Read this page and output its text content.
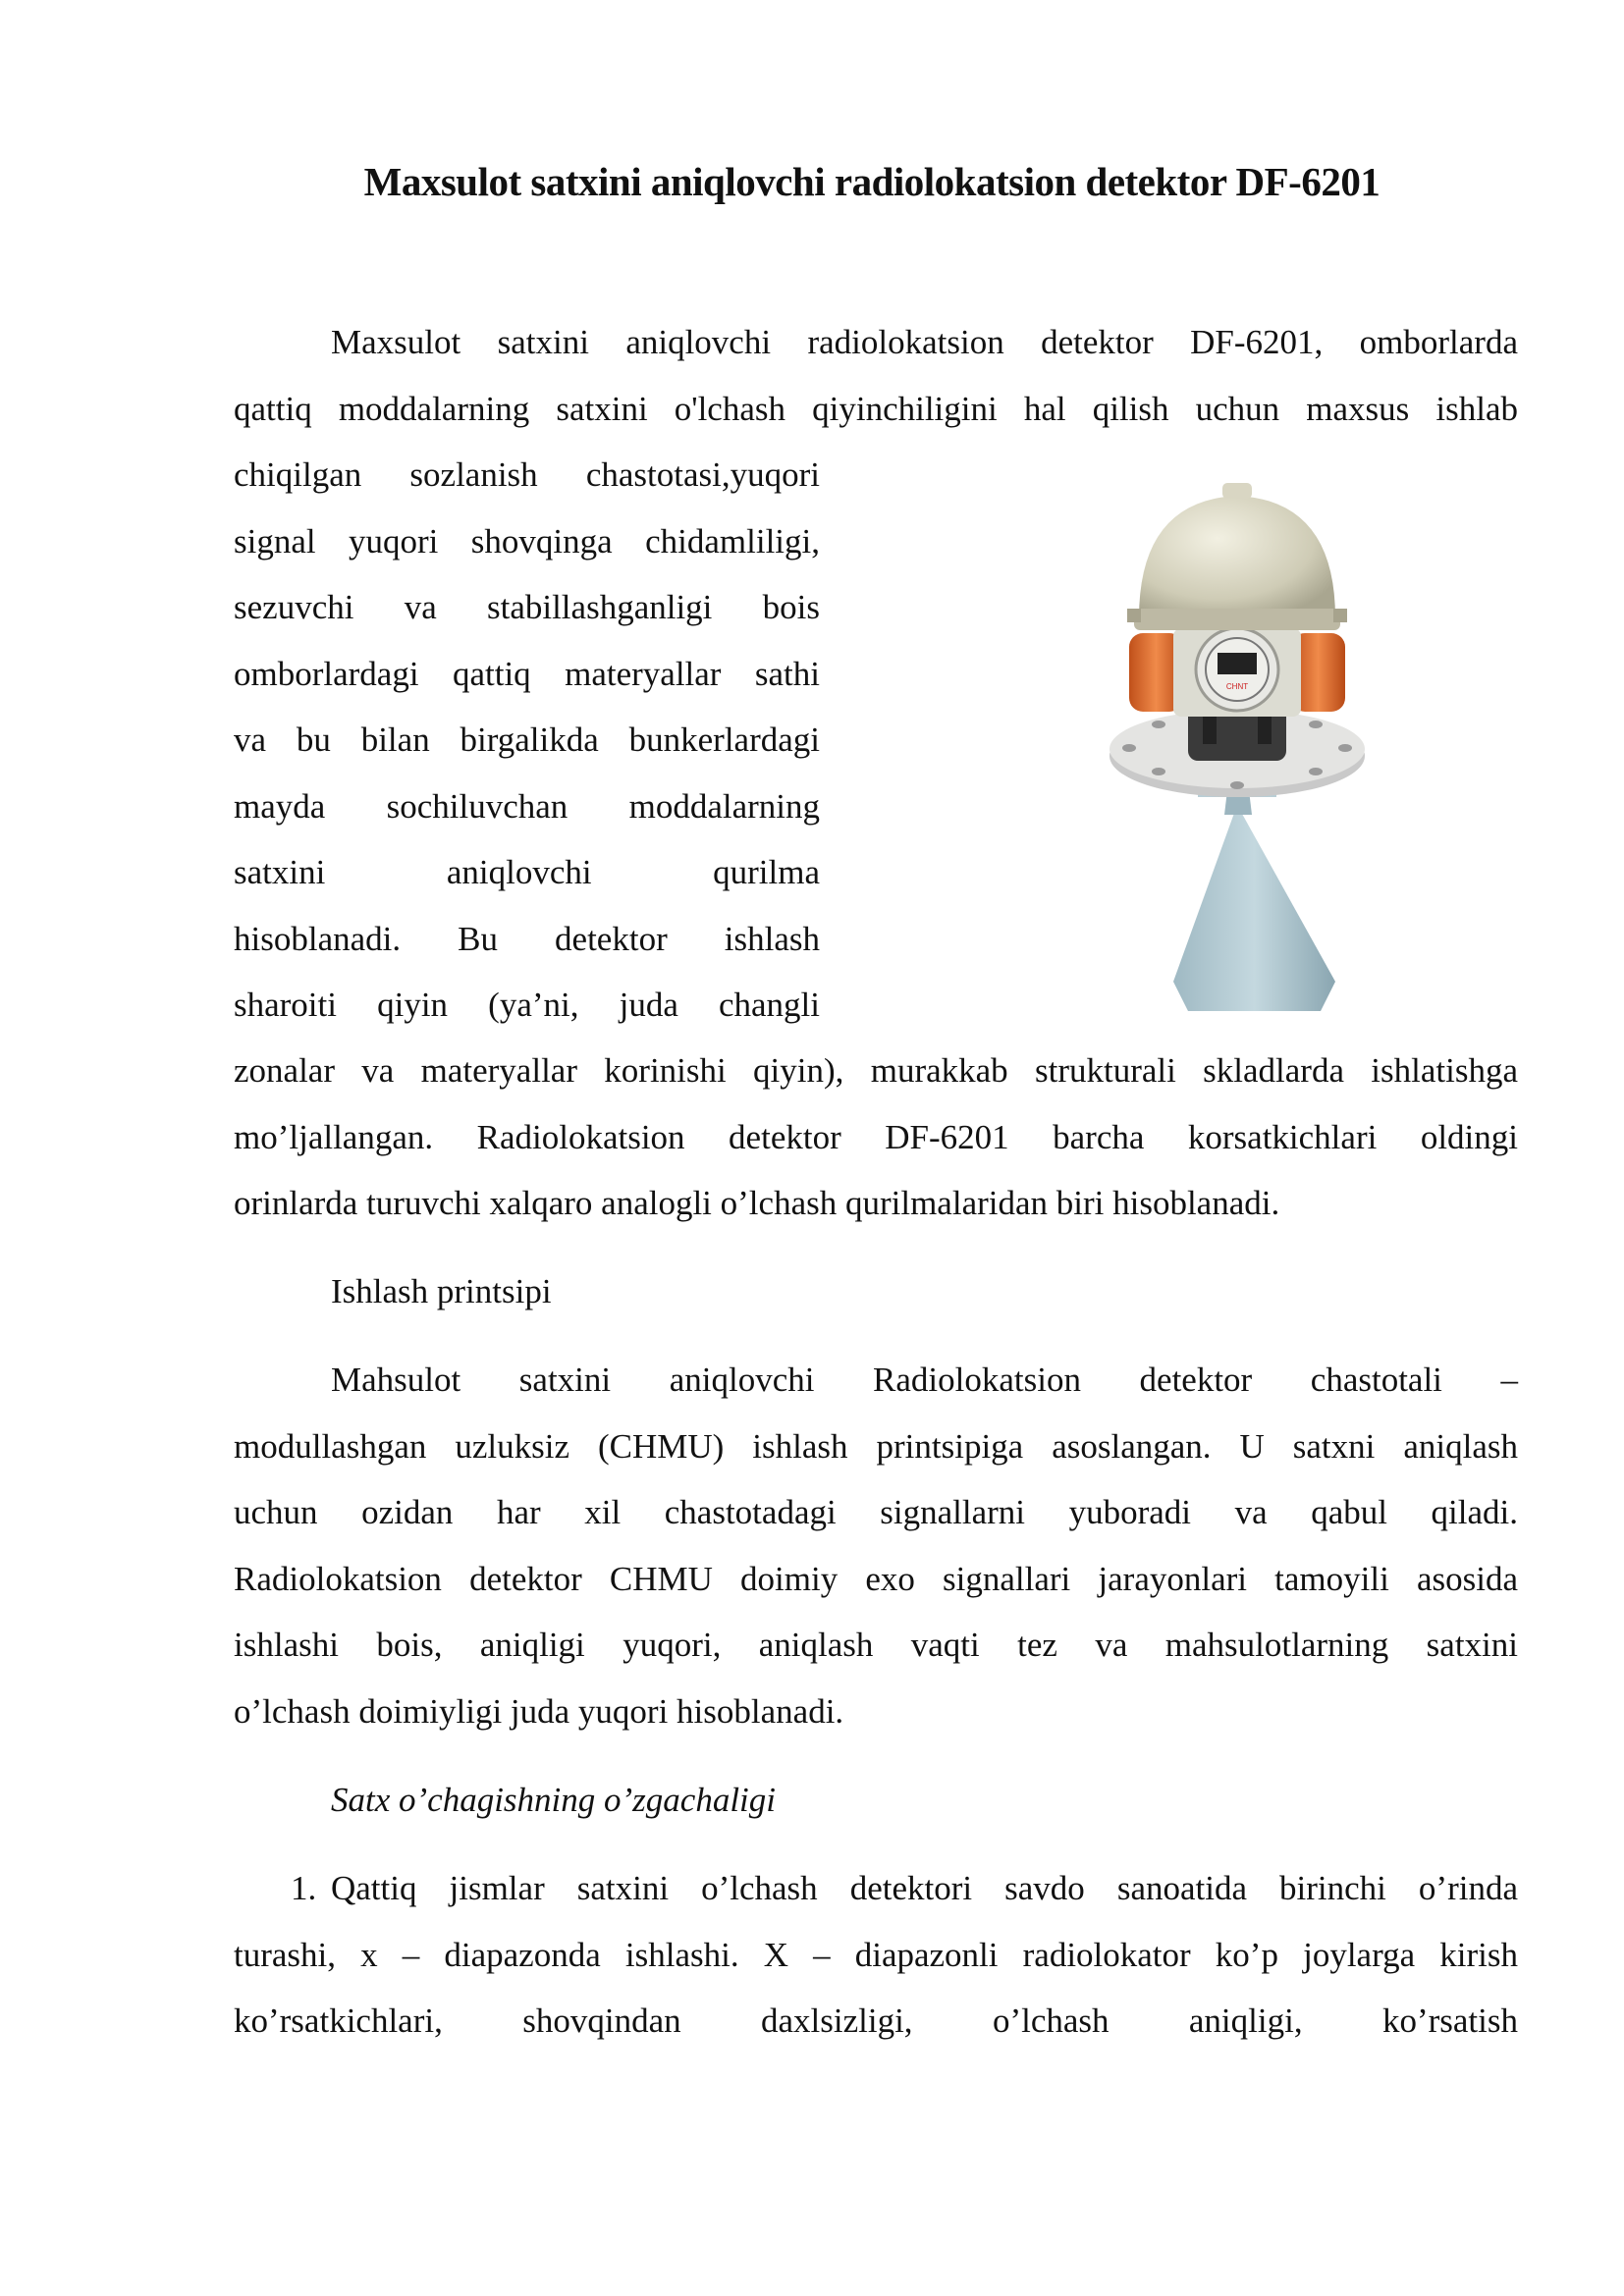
Maxsulot satxini aniqlovchi radiolokatsion detektor DF-6201
Maxsulot satxini aniqlovchi radiolokatsion detektor DF-6201, omborlarda
qattiq moddalarning satxini o'lchash qiyinchiligini hal qilish uchun maxsus ishlab
chiqilgan sozlanish chastotasi,yuqori
signal yuqori shovqinga chidamliligi,
sezuvchi va stabillashganligi bois
omborlardagi qattiq materyallar sathi
va bu bilan birgalikda bunkerlardagi
mayda sochiluvchan moddalarning
satxini aniqlovchi qurilma
hisoblanadi. Bu detektor ishlash
sharoiti qiyin (ya’ni, juda changli
zonalar va materyallar korinishi qiyin), murakkab strukturali skladlarda ishlatishga
mo’ljallangan. Radiolokatsion detektor DF-6201 barcha korsatkichlari oldingi
orinlarda turuvchi xalqaro analogli o’lchash qurilmalaridan biri hisoblanadi.
CHNT
Ishlash printsipi
Mahsulot satxini aniqlovchi Radiolokatsion detektor chastotali –
modullashgan uzluksiz (CHMU) ishlash printsipiga asoslangan. U satxni aniqlash
uchun ozidan har xil chastotadagi signallarni yuboradi va qabul qiladi.
Radiolokatsion detektor CHMU doimiy exo signallari jarayonlari tamoyili asosida
ishlashi bois, aniqligi yuqori, aniqlash vaqti tez va mahsulotlarning satxini
o’lchash doimiyligi juda yuqori hisoblanadi.
Satx o’chagishning o’zgachaligi
1. Qattiq jismlar satxini o’lchash detektori savdo sanoatida birinchi o’rinda
turashi, x – diapazonda ishlashi. X – diapazonli radiolokator ko’p joylarga kirish
ko’rsatkichlari, shovqindan daxlsizligi, o’lchash aniqligi, ko’rsatish
